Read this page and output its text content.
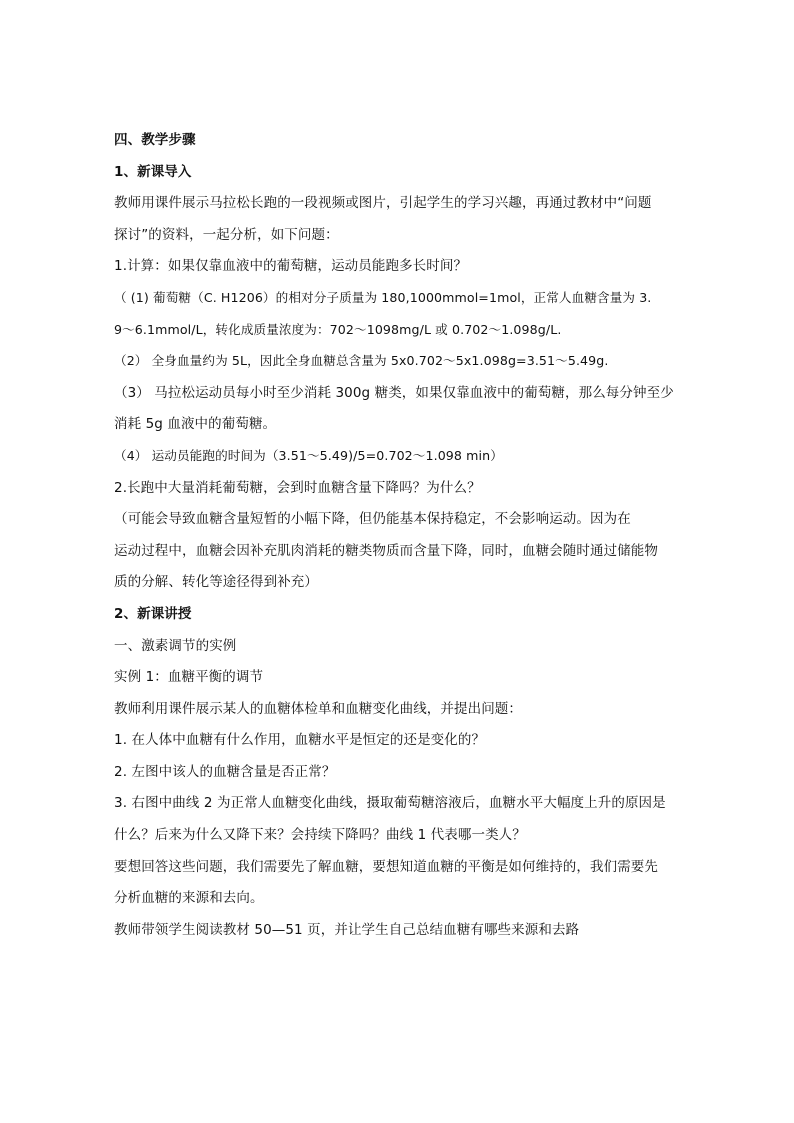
四、教学步骤
1、新课导入
教师用课件展示马拉松长跑的一段视频或图片，引起学生的学习兴趣，再通过教材中“问题
探讨”的资料，一起分析，如下问题：
1.计算：如果仅靠血液中的葡萄糖，运动员能跑多长时间？
（ (1) 葡萄糖（C. H1206）的相对分子质量为 180,1000mmol=1mol，正常人血糖含量为 3.
9～6.1mmol/L，转化成质量浓度为：702～1098mg/L 或 0.702～1.098g/L.
（2） 全身血量约为 5L，因此全身血糖总含量为 5x0.702～5x1.098g=3.51～5.49g.
（3） 马拉松运动员每小时至少消耗 300g 糖类，如果仅靠血液中的葡萄糖，那么每分钟至少
消耗 5g 血液中的葡萄糖。
（4） 运动员能跑的时间为（3.51～5.49)/5=0.702～1.098 min）
2.长跑中大量消耗葡萄糖，会到时血糖含量下降吗？为什么？
（可能会导致血糖含量短暂的小幅下降，但仍能基本保持稳定，不会影响运动。因为在
运动过程中，血糖会因补充肌肉消耗的糖类物质而含量下降，同时，血糖会随时通过储能物
质的分解、转化等途径得到补充）
2、新课讲授
一、激素调节的实例
实例 1：血糖平衡的调节
教师利用课件展示某人的血糖体检单和血糖变化曲线，并提出问题：
1. 在人体中血糖有什么作用，血糖水平是恒定的还是变化的？
2. 左图中该人的血糖含量是否正常？
3. 右图中曲线 2 为正常人血糖变化曲线，摄取葡萄糖溶液后，血糖水平大幅度上升的原因是
什么？后来为什么又降下来？会持续下降吗？曲线 1 代表哪一类人？
要想回答这些问题，我们需要先了解血糖，要想知道血糖的平衡是如何维持的，我们需要先
分析血糖的来源和去向。
教师带领学生阅读教材 50—51 页，并让学生自己总结血糖有哪些来源和去路
